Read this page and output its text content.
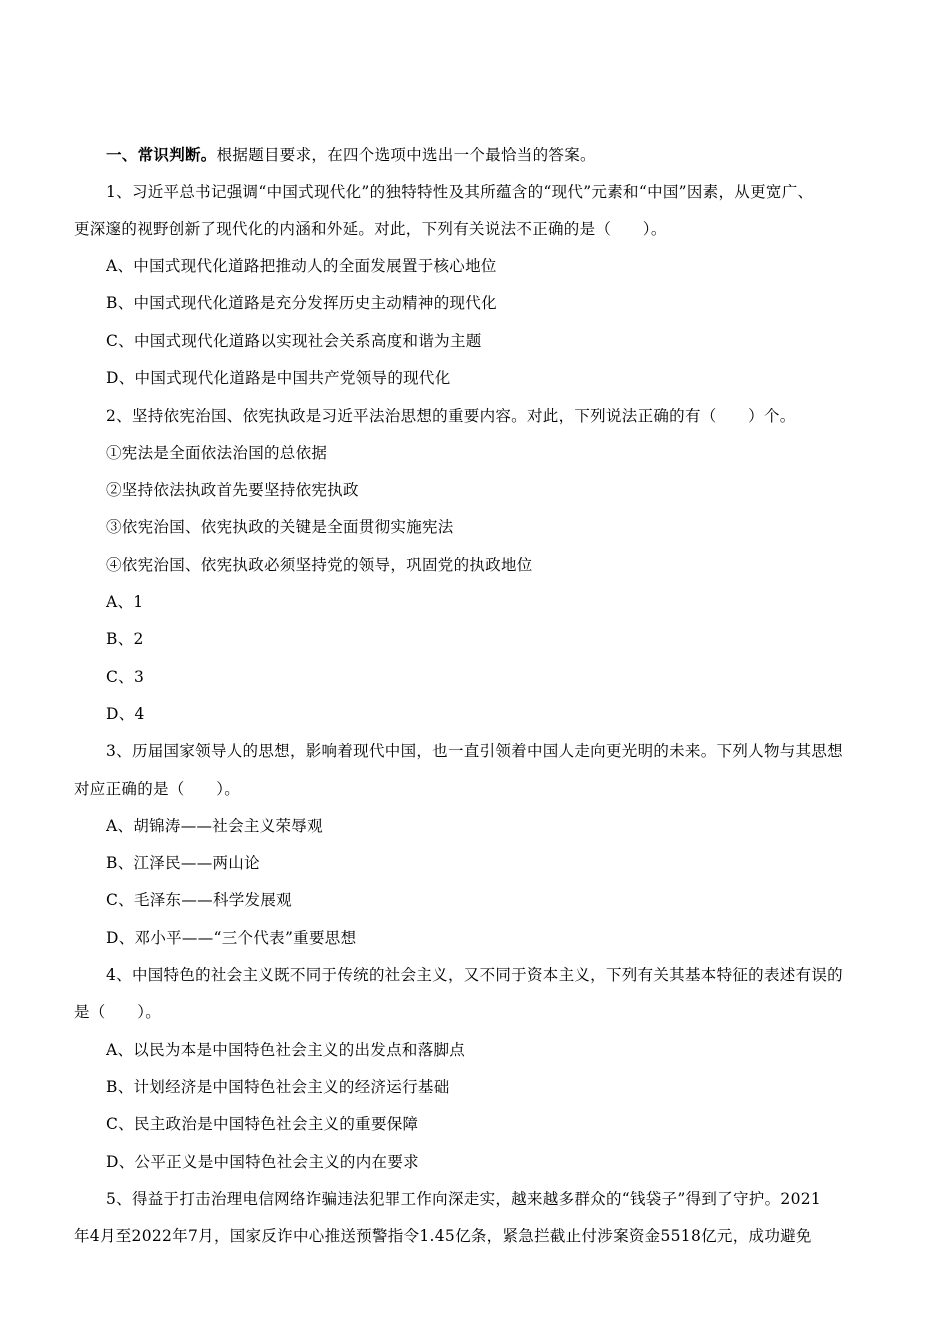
一、常识判断。根据题目要求，在四个选项中选出一个最恰当的答案。
1、习近平总书记强调“中国式现代化”的独特特性及其所蕴含的“现代”元素和“中国”因素，从更宽广、
更深邃的视野创新了现代化的内涵和外延。对此，下列有关说法不正确的是（　　）。
A、中国式现代化道路把推动人的全面发展置于核心地位
B、中国式现代化道路是充分发挥历史主动精神的现代化
C、中国式现代化道路以实现社会关系高度和谐为主题
D、中国式现代化道路是中国共产党领导的现代化
2、坚持依宪治国、依宪执政是习近平法治思想的重要内容。对此，下列说法正确的有（　　）个。
①宪法是全面依法治国的总依据
②坚持依法执政首先要坚持依宪执政
③依宪治国、依宪执政的关键是全面贯彻实施宪法
④依宪治国、依宪执政必须坚持党的领导，巩固党的执政地位
A、1
B、2
C、3
D、4
3、历届国家领导人的思想，影响着现代中国，也一直引领着中国人走向更光明的未来。下列人物与其思想
对应正确的是（　　）。
A、胡锦涛——社会主义荣辱观
B、江泽民——两山论
C、毛泽东——科学发展观
D、邓小平——“三个代表”重要思想
4、中国特色的社会主义既不同于传统的社会主义，又不同于资本主义，下列有关其基本特征的表述有误的
是（　　）。
A、以民为本是中国特色社会主义的出发点和落脚点
B、计划经济是中国特色社会主义的经济运行基础
C、民主政治是中国特色社会主义的重要保障
D、公平正义是中国特色社会主义的内在要求
5、得益于打击治理电信网络诈骗违法犯罪工作向深走实，越来越多群众的“钱袋子”得到了守护。2021
年4月至2022年7月，国家反诈中心推送预警指令1.45亿条，紧急拦截止付涉案资金5518亿元，成功避免
